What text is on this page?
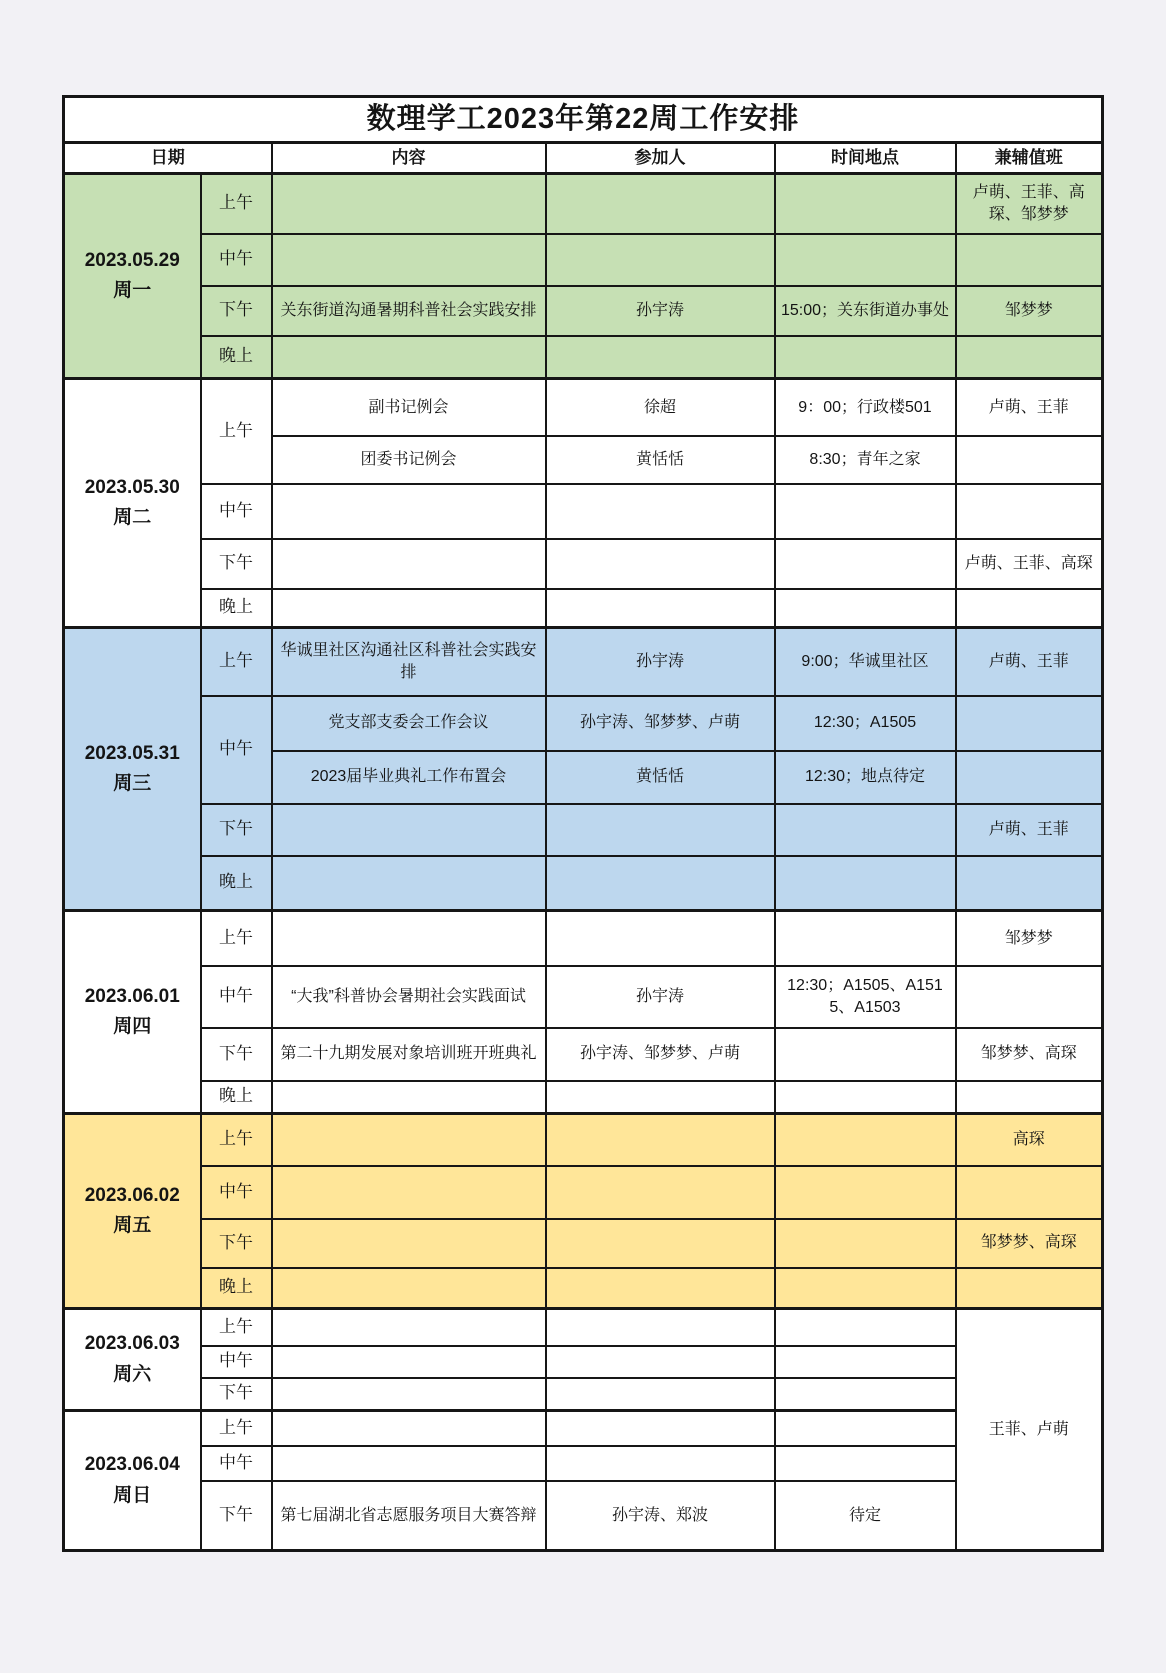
数理学工2023年第22周工作安排					
日期		内容	参加人	时间地点	兼辅值班

2023.05.29
周一	上午				卢萌、王菲、高琛、邹梦梦
	中午				
	下午	关东街道沟通暑期科普社会实践安排	孙宇涛	15:00；关东街道办事处	邹梦梦
	晚上				

2023.05.30
周二	上午	副书记例会	徐超	9：00；行政楼501	卢萌、王菲
		团委书记例会	黄恬恬	8:30；青年之家	
	中午				
	下午				卢萌、王菲、高琛
	晚上				

2023.05.31
周三	上午	华诚里社区沟通社区科普社会实践安排	孙宇涛	9:00；华诚里社区	卢萌、王菲
	中午	党支部支委会工作会议	孙宇涛、邹梦梦、卢萌	12:30；A1505	
		2023届毕业典礼工作布置会	黄恬恬	12:30；地点待定	
	下午				卢萌、王菲
	晚上				

2023.06.01
周四	上午				邹梦梦
	中午	“大我”科普协会暑期社会实践面试	孙宇涛	12:30；A1505、A1515、A1503	
	下午	第二十九期发展对象培训班开班典礼	孙宇涛、邹梦梦、卢萌		邹梦梦、高琛
	晚上				

2023.06.02
周五	上午				高琛
	中午				
	下午				邹梦梦、高琛
	晚上				

2023.06.03
周六	上午				王菲、卢萌
	中午				
	下午				

2023.06.04
周日	上午				
	中午				
	下午	第七届湖北省志愿服务项目大赛答辩	孙宇涛、郑波	待定	
